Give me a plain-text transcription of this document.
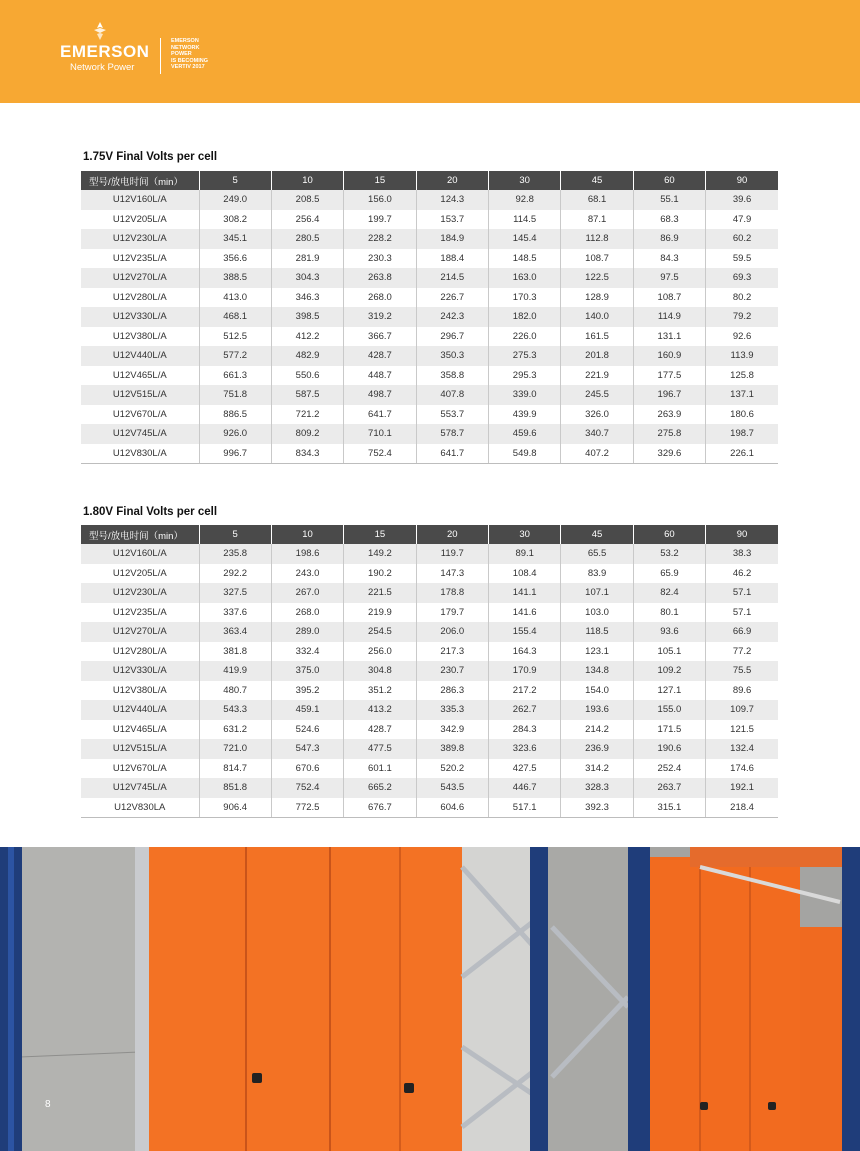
EMERSON
Network Power
EMERSON
NETWORK
POWER
IS BECOMING
VERTIV 2017
1.75V Final Volts per cell
型号/放电时间（min）	5	10	15	20	30	45	60	90
U12V160L/A	249.0	208.5	156.0	124.3	92.8	68.1	55.1	39.6
U12V205L/A	308.2	256.4	199.7	153.7	114.5	87.1	68.3	47.9
U12V230L/A	345.1	280.5	228.2	184.9	145.4	112.8	86.9	60.2
U12V235L/A	356.6	281.9	230.3	188.4	148.5	108.7	84.3	59.5
U12V270L/A	388.5	304.3	263.8	214.5	163.0	122.5	97.5	69.3
U12V280L/A	413.0	346.3	268.0	226.7	170.3	128.9	108.7	80.2
U12V330L/A	468.1	398.5	319.2	242.3	182.0	140.0	114.9	79.2
U12V380L/A	512.5	412.2	366.7	296.7	226.0	161.5	131.1	92.6
U12V440L/A	577.2	482.9	428.7	350.3	275.3	201.8	160.9	113.9
U12V465L/A	661.3	550.6	448.7	358.8	295.3	221.9	177.5	125.8
U12V515L/A	751.8	587.5	498.7	407.8	339.0	245.5	196.7	137.1
U12V670L/A	886.5	721.2	641.7	553.7	439.9	326.0	263.9	180.6
U12V745L/A	926.0	809.2	710.1	578.7	459.6	340.7	275.8	198.7
U12V830L/A	996.7	834.3	752.4	641.7	549.8	407.2	329.6	226.1
1.80V Final Volts per cell
型号/放电时间（min）	5	10	15	20	30	45	60	90
U12V160L/A	235.8	198.6	149.2	119.7	89.1	65.5	53.2	38.3
U12V205L/A	292.2	243.0	190.2	147.3	108.4	83.9	65.9	46.2
U12V230L/A	327.5	267.0	221.5	178.8	141.1	107.1	82.4	57.1
U12V235L/A	337.6	268.0	219.9	179.7	141.6	103.0	80.1	57.1
U12V270L/A	363.4	289.0	254.5	206.0	155.4	118.5	93.6	66.9
U12V280L/A	381.8	332.4	256.0	217.3	164.3	123.1	105.1	77.2
U12V330L/A	419.9	375.0	304.8	230.7	170.9	134.8	109.2	75.5
U12V380L/A	480.7	395.2	351.2	286.3	217.2	154.0	127.1	89.6
U12V440L/A	543.3	459.1	413.2	335.3	262.7	193.6	155.0	109.7
U12V465L/A	631.2	524.6	428.7	342.9	284.3	214.2	171.5	121.5
U12V515L/A	721.0	547.3	477.5	389.8	323.6	236.9	190.6	132.4
U12V670L/A	814.7	670.6	601.1	520.2	427.5	314.2	252.4	174.6
U12V745L/A	851.8	752.4	665.2	543.5	446.7	328.3	263.7	192.1
U12V830LA	906.4	772.5	676.7	604.6	517.1	392.3	315.1	218.4
8
